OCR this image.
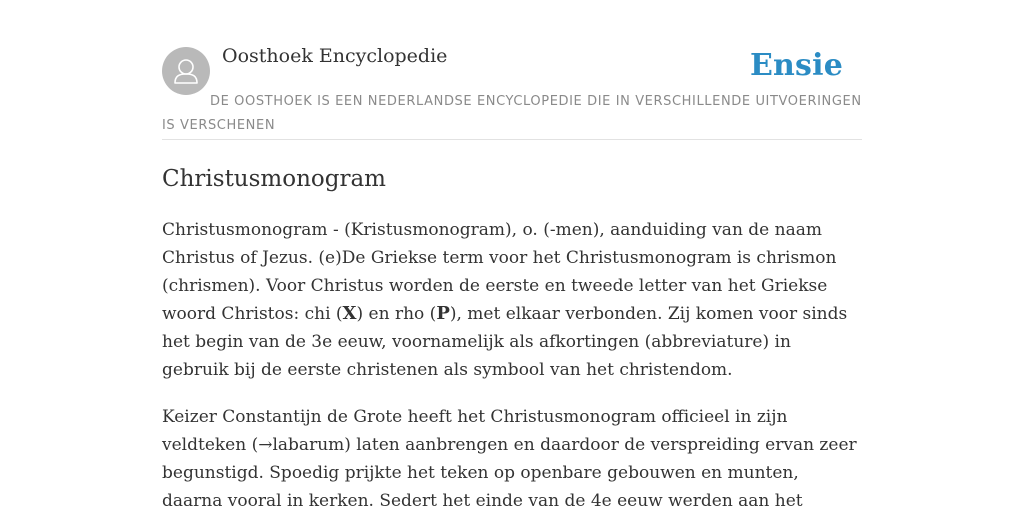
Oosthoek Encyclopedie	Ensie
DE OOSTHOEK IS EEN NEDERLANDSE ENCYCLOPEDIE DIE IN VERSCHILLENDE UITVOERINGEN IS VERSCHENEN
Christusmonogram

Christusmonogram - (Kristusmonogram), o. (-men), aanduiding van de naam Christus of Jezus. (e)De Griekse term voor het Christusmonogram is chrismon (chrismen). Voor Christus worden de eerste en tweede letter van het Griekse woord Christos: chi (X) en rho (P), met elkaar verbonden. Zij komen voor sinds het begin van de 3e eeuw, voornamelijk als afkortingen (abbreviature) in gebruik bij de eerste christenen als symbool van het christendom.

Keizer Constantijn de Grote heeft het Christusmonogram officieel in zijn veldteken (→labarum) laten aanbrengen en daardoor de verspreiding ervan zeer begunstigd. Spoedig prijkte het teken op openbare gebouwen en munten, daarna vooral in kerken. Sedert het einde van de 4e eeuw werden aan het
